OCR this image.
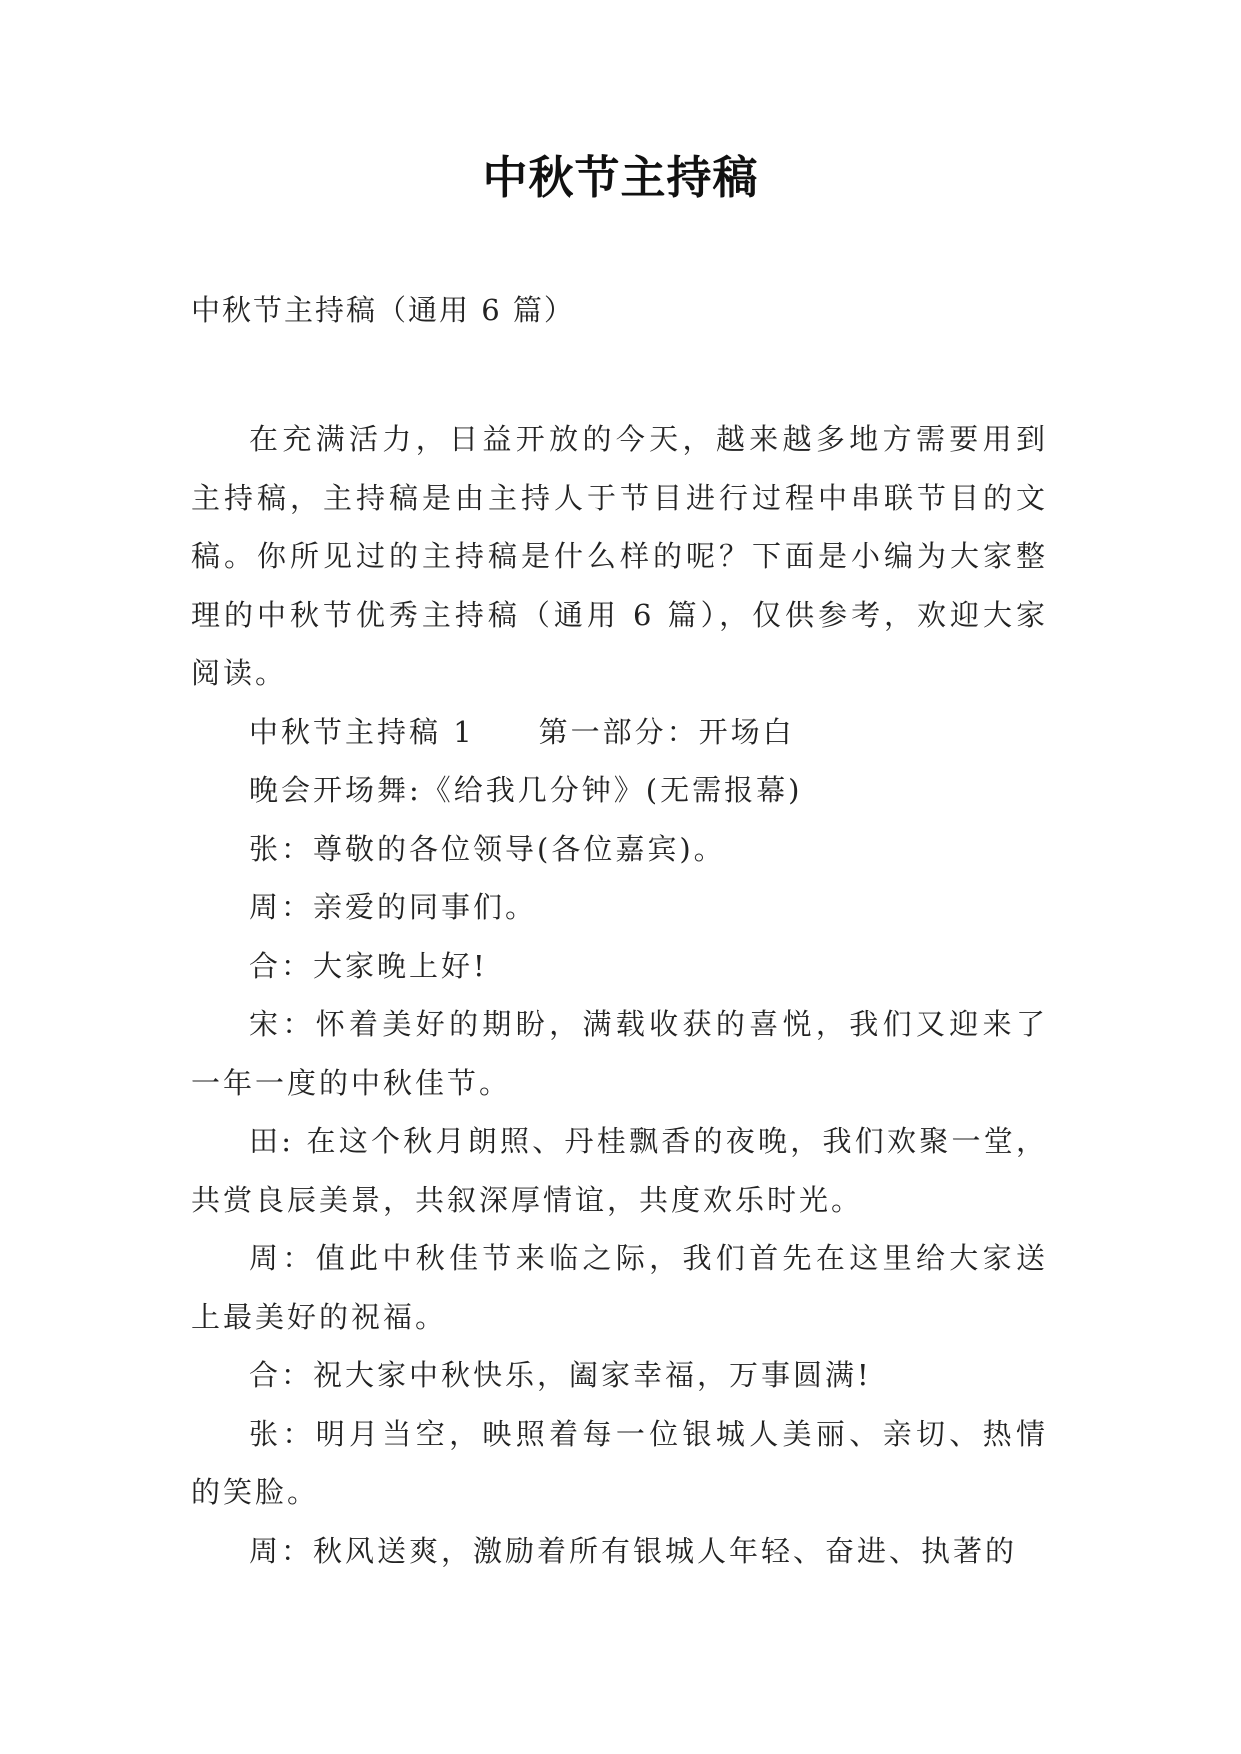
中秋节主持稿
中秋节主持稿（通用 6 篇）

在充满活力，日益开放的今天，越来越多地方需要用到主持稿，主持稿是由主持人于节目进行过程中串联节目的文稿。你所见过的主持稿是什么样的呢？下面是小编为大家整理的中秋节优秀主持稿（通用 6 篇），仅供参考，欢迎大家阅读。

中秋节主持稿 1 第一部分：开场白

晚会开场舞:《给我几分钟》(无需报幕)

张：尊敬的各位领导(各位嘉宾)。

周：亲爱的同事们。

合：大家晚上好!

宋：怀着美好的期盼，满载收获的喜悦，我们又迎来了一年一度的中秋佳节。

田: 在这个秋月朗照、丹桂飘香的夜晚，我们欢聚一堂，共赏良辰美景，共叙深厚情谊，共度欢乐时光。

周：值此中秋佳节来临之际，我们首先在这里给大家送上最美好的祝福。

合：祝大家中秋快乐，阖家幸福，万事圆满!

张：明月当空，映照着每一位银城人美丽、亲切、热情的笑脸。

周：秋风送爽，激励着所有银城人年轻、奋进、执著的
